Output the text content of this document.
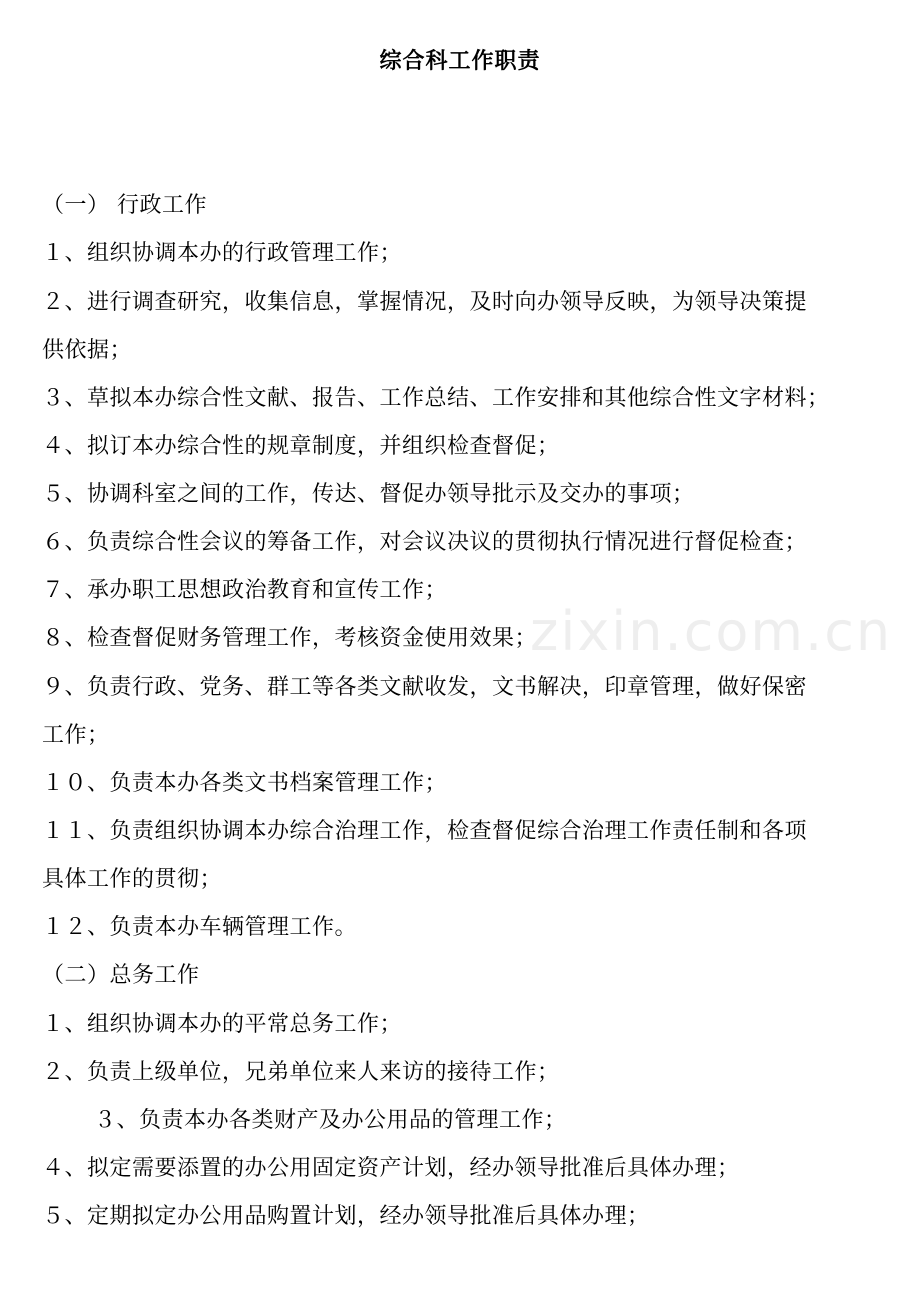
综合科工作职责
zixin.com.cn
（一） 行政工作
１、组织协调本办的行政管理工作；
２、进行调查研究，收集信息，掌握情况，及时向办领导反映，为领导决策提
供依据；
３、草拟本办综合性文献、报告、工作总结、工作安排和其他综合性文字材料；
４、拟订本办综合性的规章制度，并组织检查督促；
５、协调科室之间的工作，传达、督促办领导批示及交办的事项；
６、负责综合性会议的筹备工作，对会议决议的贯彻执行情况进行督促检查；
７、承办职工思想政治教育和宣传工作；
８、检查督促财务管理工作，考核资金使用效果；
９、负责行政、党务、群工等各类文献收发，文书解决，印章管理，做好保密
工作；
１０、负责本办各类文书档案管理工作；
１１、负责组织协调本办综合治理工作，检查督促综合治理工作责任制和各项
具体工作的贯彻；
１２、负责本办车辆管理工作。
（二）总务工作
１、组织协调本办的平常总务工作；
２、负责上级单位，兄弟单位来人来访的接待工作；
３、负责本办各类财产及办公用品的管理工作；
４、拟定需要添置的办公用固定资产计划，经办领导批准后具体办理；
５、定期拟定办公用品购置计划，经办领导批准后具体办理；
